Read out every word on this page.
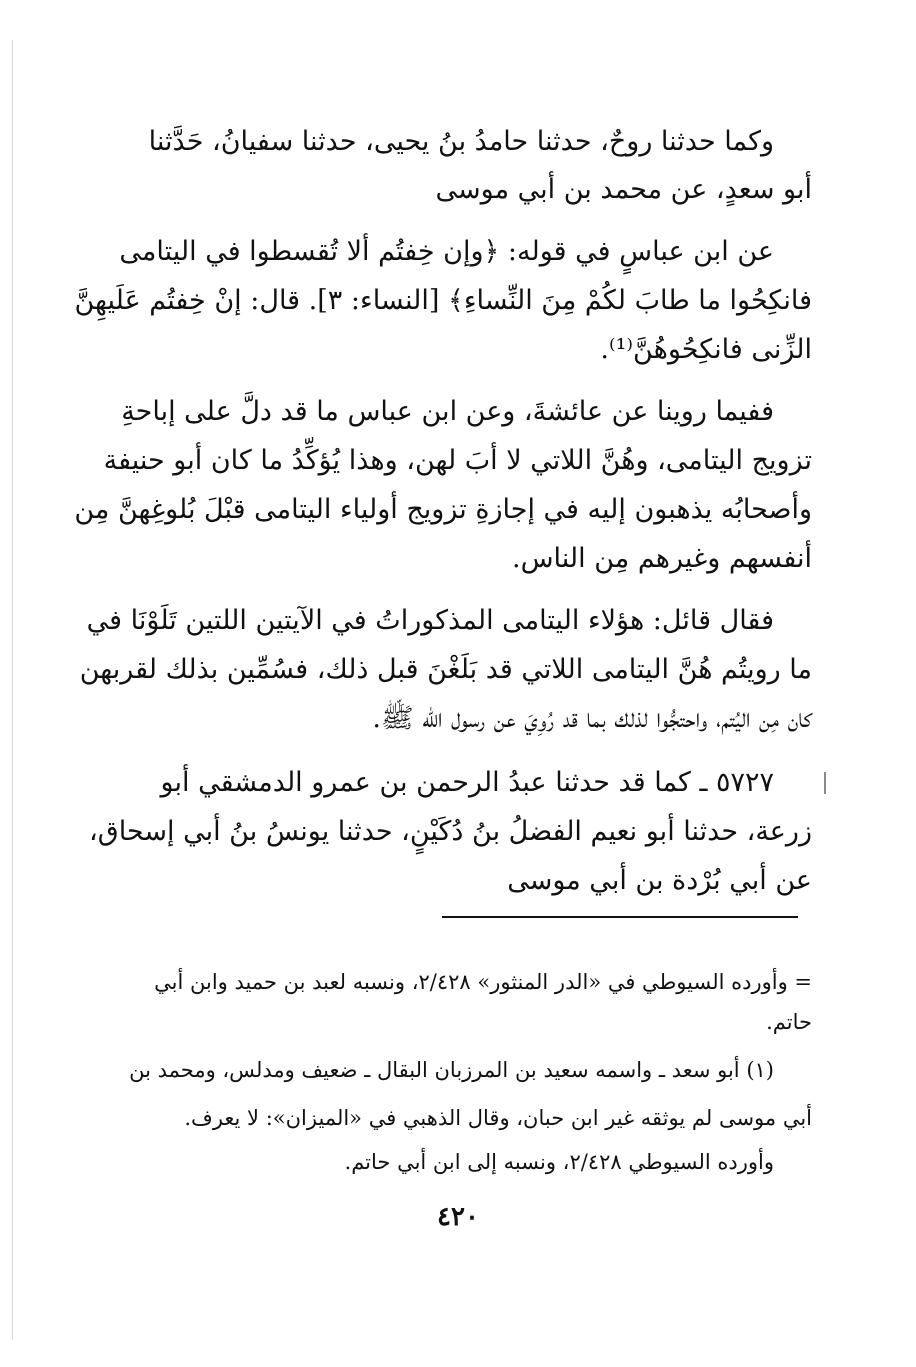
وكما حدثنا روحٌ، حدثنا حامدُ بنُ يحيى، حدثنا سفيانُ، حَدَّثنا
أبو سعدٍ، عن محمد بن أبي موسى
عن ابن عباسٍ في قوله: ﴿وإن خِفتُم ألا تُقسطوا في اليتامى
فانكِحُوا ما طابَ لكُمْ مِنَ النِّساءِ﴾ [النساء: ٣]. قال: إنْ خِفتُم عَلَيهِنَّ
الزِّنى فانكِحُوهُنَّ⁽¹⁾.
ففيما روينا عن عائشةَ، وعن ابن عباس ما قد دلَّ على إباحةِ
تزويج اليتامى، وهُنَّ اللاتي لا أبَ لهن، وهذا يُؤكِّدُ ما كان أبو حنيفة
وأصحابُه يذهبون إليه في إجازةِ تزويج أولياء اليتامى قبْلَ بُلوغِهنَّ مِن
أنفسهم وغيرهم مِن الناس.
فقال قائل: هؤلاء اليتامى المذكوراتُ في الآيتين اللتين تَلَوْنَا في
ما رويتُم هُنَّ اليتامى اللاتي قد بَلَغْنَ قبل ذلك، فسُمِّين بذلك لقربهن
كان مِن اليُتم، واحتجُّوا لذلك بما قد رُوِيَ عن رسول الله ﷺ.
٥٧٢٧ ـ كما قد حدثنا عبدُ الرحمن بن عمرو الدمشقي أبو
زرعة، حدثنا أبو نعيم الفضلُ بنُ دُكَيْنٍ، حدثنا يونسُ بنُ أبي إسحاق،
عن أبي بُرْدة بن أبي موسى
= وأورده السيوطي في «الدر المنثور» ٢/٤٢٨، ونسبه لعبد بن حميد وابن أبي
حاتم.
(١) أبو سعد ـ واسمه سعيد بن المرزبان البقال ـ ضعيف ومدلس، ومحمد بن
أبي موسى لم يوثقه غير ابن حبان، وقال الذهبي في «الميزان»: لا يعرف.
وأورده السيوطي ٢/٤٢٨، ونسبه إلى ابن أبي حاتم.
٤٢٠
